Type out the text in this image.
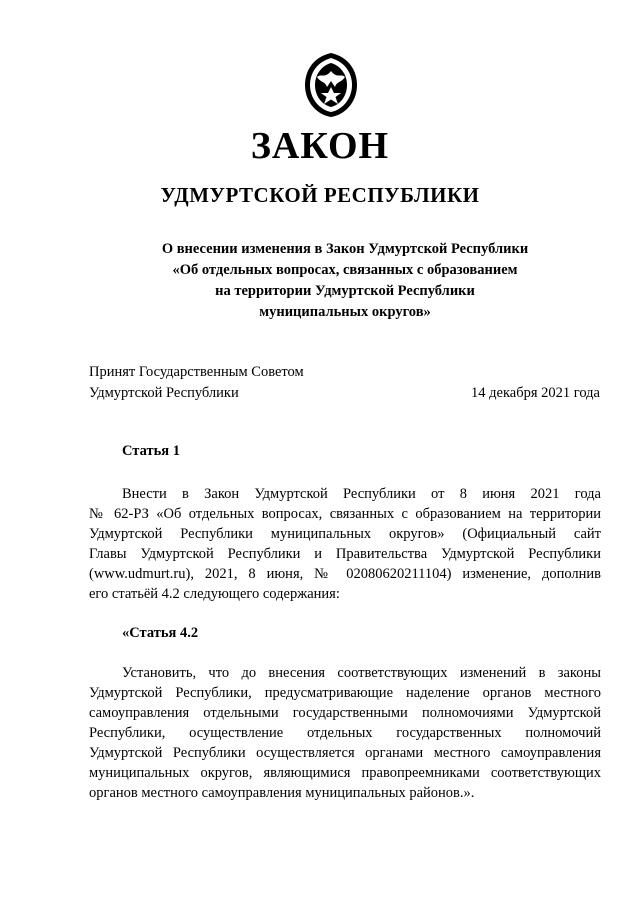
ЗАКОН
УДМУРТСКОЙ РЕСПУБЛИКИ
О внесении изменения в Закон Удмуртской Республики
«Об отдельных вопросах, связанных с образованием
на территории Удмуртской Республики
муниципальных округов»
Принят Государственным Советом
Удмуртской Республики	14 декабря 2021 года
Статья 1
Внести в Закон Удмуртской Республики от 8 июня 2021 года
№ 62-РЗ «Об отдельных вопросах, связанных с образованием на территории
Удмуртской Республики муниципальных округов» (Официальный сайт
Главы Удмуртской Республики и Правительства Удмуртской Республики
(www.udmurt.ru), 2021, 8 июня, № 02080620211104) изменение, дополнив
его статьёй 4.2 следующего содержания:
«Статья 4.2
Установить, что до внесения соответствующих изменений в законы
Удмуртской Республики, предусматривающие наделение органов местного
самоуправления отдельными государственными полномочиями Удмуртской
Республики, осуществление отдельных государственных полномочий
Удмуртской Республики осуществляется органами местного самоуправления
муниципальных округов, являющимися правопреемниками соответствующих
органов местного самоуправления муниципальных районов.».
